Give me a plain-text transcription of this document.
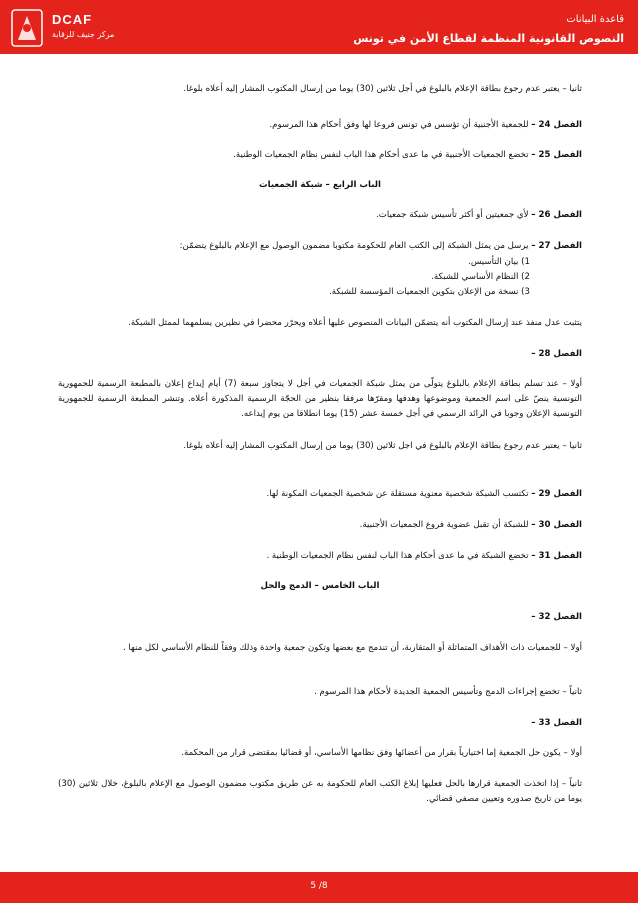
DCAF
مركز جنيف للرقابة
قاعدة البيانات
النصوص القانونية المنظمة لقطاع الأمن في تونس
ثانيا – يعتبر عدم رجوع بطاقة الإعلام بالبلوغ في أجل ثلاثين (30) يوما من إرسال المكتوب المشار إليه أعلاه بلوغا.
الفصل 24 – للجمعية الأجنبية أن تؤسس في تونس فروعا لها وفق أحكام هذا المرسوم.
الفصل 25 – تخضع الجمعيات الأجنبية في ما عدى أحكام هذا الباب لنفس نظام الجمعيات الوطنية.
الباب الرابع – شبكة الجمعيات
الفصل 26 – لأي جمعيتين أو أكثر تأسيس شبكة جمعيات.
الفصل 27 – يرسل من يمثل الشبكة إلى الكتب العام للحكومة مكتوبا مضمون الوصول مع الإعلام بالبلوغ يتضمّن:
1) بيان التأسيس.
2) النظام الأساسي للشبكة.
3) نسخة من الإعلان بتكوين الجمعيات المؤسسة للشبكة.
يتثبت عدل منفذ عند إرسال المكتوب أنه يتضمّن البيانات المنصوص عليها أعلاه ويحرّر محضرا في نظيرين يسلمهما لممثل الشبكة.
الفصل 28 –
أولا – عند تسلم بطاقة الإعلام بالبلوغ يتولّى من يمثل شبكة الجمعيات في أجل لا يتجاوز سبعة (7) أيام إيداع إعلان بالمطبعة الرسمية للجمهورية التونسية ينصّ على اسم الجمعية وموضوعها وهدفها ومقرّها مرفقا بنظير من الحجّة الرسمية المذكورة أعلاه. وتنشر المطبعة الرسمية للجمهورية التونسية الإعلان وجوبا في الرائد الرسمي في أجل خمسة عشر (15) يوما انطلاقا من يوم إيداعه.
ثانيا – يعتبر عدم رجوع بطاقة الإعلام بالبلوغ في اجل ثلاثين (30) يوما من إرسال المكتوب المشار إليه أعلاه بلوغا.
الفصل 29 – تكتسب الشبكة شخصية معنوية مستقلة عن شخصية الجمعيات المكونة لها.
الفصل 30 – للشبكة أن تقبل عضوية فروع الجمعيات الأجنبية.
الفصل 31 – تخضع الشبكة في ما عدى أحكام هذا الباب لنفس نظام الجمعيات الوطنية .
الباب الخامس – الدمج والحل
الفصل 32 –
أولا – للجمعيات ذات الأهداف المتماثلة أو المتقاربة، أن تندمج مع بعضها وتكون جمعية واحدة وذلك وفقاً للنظام الأساسي لكل منها .
ثانياً – تخضع إجراءات الدمج وتأسيس الجمعية الجديدة لأحكام هذا المرسوم .
الفصل 33 –
أولا – يكون حل الجمعية إما اختيارياً بقرار من أعضائها وفق نظامها الأساسي، أو قضائيا بمقتضى قرار من المحكمة.
ثانياً – إذا اتخذت الجمعية قرارها بالحل فعليها إبلاغ الكتب العام للحكومة به عن طريق مكتوب مضمون الوصول مع الإعلام بالبلوغ، خلال ثلاثين (30) يوما من تاريخ صدوره وتعيين مصفي قضائي.
5 /8
